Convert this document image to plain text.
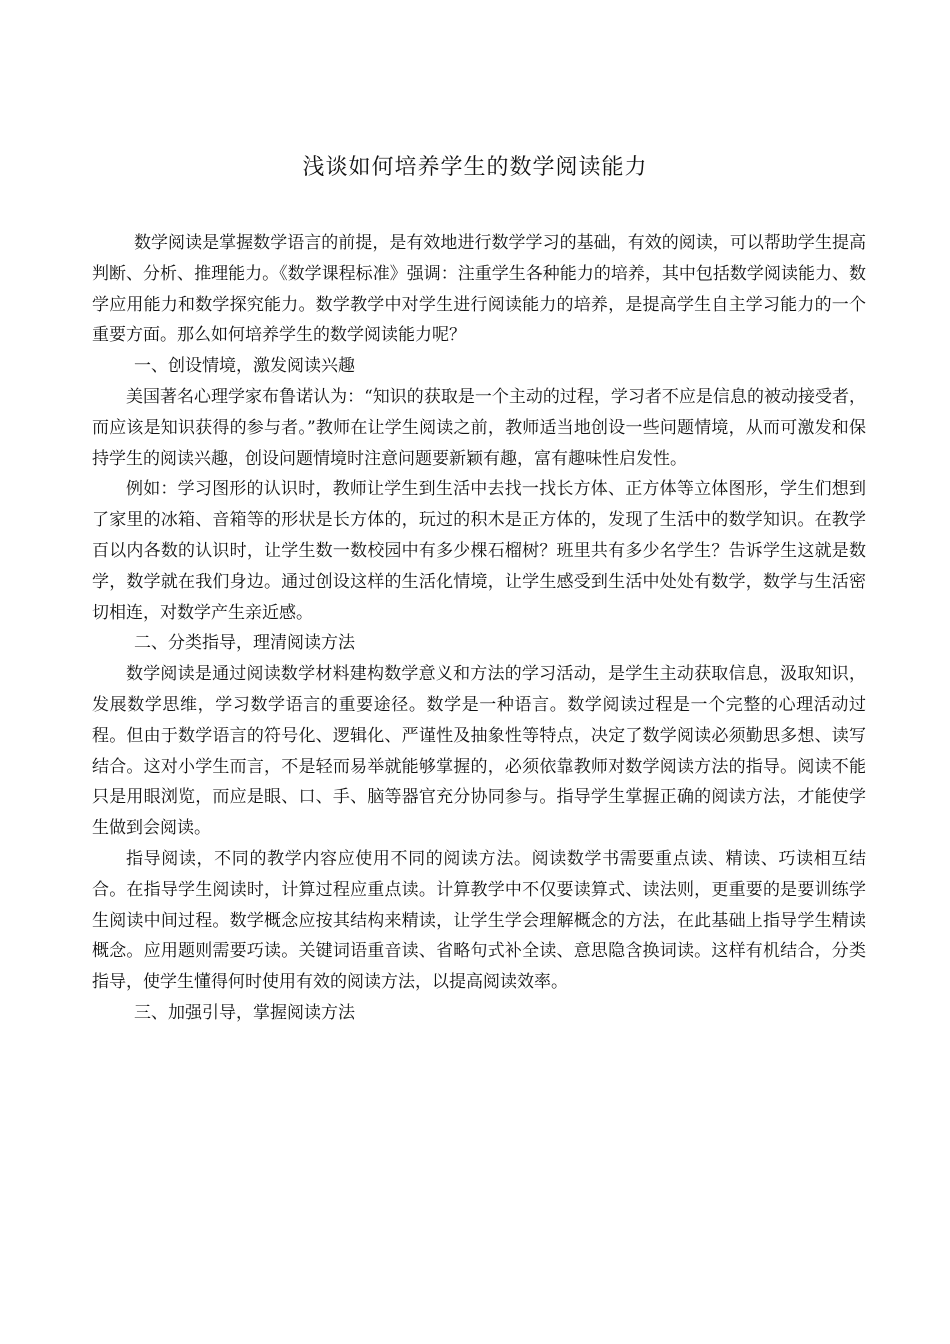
浅谈如何培养学生的数学阅读能力

数学阅读是掌握数学语言的前提，是有效地进行数学学习的基础，有效的阅读，可以帮助学生提高判断、分析、推理能力。《数学课程标准》强调：注重学生各种能力的培养，其中包括数学阅读能力、数学应用能力和数学探究能力。数学教学中对学生进行阅读能力的培养，是提高学生自主学习能力的一个重要方面。那么如何培养学生的数学阅读能力呢？

一、创设情境，激发阅读兴趣

美国著名心理学家布鲁诺认为：“知识的获取是一个主动的过程，学习者不应是信息的被动接受者，而应该是知识获得的参与者。”教师在让学生阅读之前，教师适当地创设一些问题情境，从而可激发和保持学生的阅读兴趣，创设问题情境时注意问题要新颖有趣，富有趣味性启发性。

例如：学习图形的认识时，教师让学生到生活中去找一找长方体、正方体等立体图形，学生们想到了家里的冰箱、音箱等的形状是长方体的，玩过的积木是正方体的，发现了生活中的数学知识。在教学百以内各数的认识时，让学生数一数校园中有多少棵石榴树？班里共有多少名学生？告诉学生这就是数学，数学就在我们身边。通过创设这样的生活化情境，让学生感受到生活中处处有数学，数学与生活密切相连，对数学产生亲近感。

二、分类指导，理清阅读方法

数学阅读是通过阅读数学材料建构数学意义和方法的学习活动，是学生主动获取信息，汲取知识，发展数学思维，学习数学语言的重要途径。数学是一种语言。数学阅读过程是一个完整的心理活动过程。但由于数学语言的符号化、逻辑化、严谨性及抽象性等特点，决定了数学阅读必须勤思多想、读写结合。这对小学生而言，不是轻而易举就能够掌握的，必须依靠教师对数学阅读方法的指导。阅读不能只是用眼浏览，而应是眼、口、手、脑等器官充分协同参与。指导学生掌握正确的阅读方法，才能使学生做到会阅读。

指导阅读，不同的教学内容应使用不同的阅读方法。阅读数学书需要重点读、精读、巧读相互结合。在指导学生阅读时，计算过程应重点读。计算教学中不仅要读算式、读法则，更重要的是要训练学生阅读中间过程。数学概念应按其结构来精读，让学生学会理解概念的方法，在此基础上指导学生精读概念。应用题则需要巧读。关键词语重音读、省略句式补全读、意思隐含换词读。这样有机结合，分类指导，使学生懂得何时使用有效的阅读方法，以提高阅读效率。

三、加强引导，掌握阅读方法
